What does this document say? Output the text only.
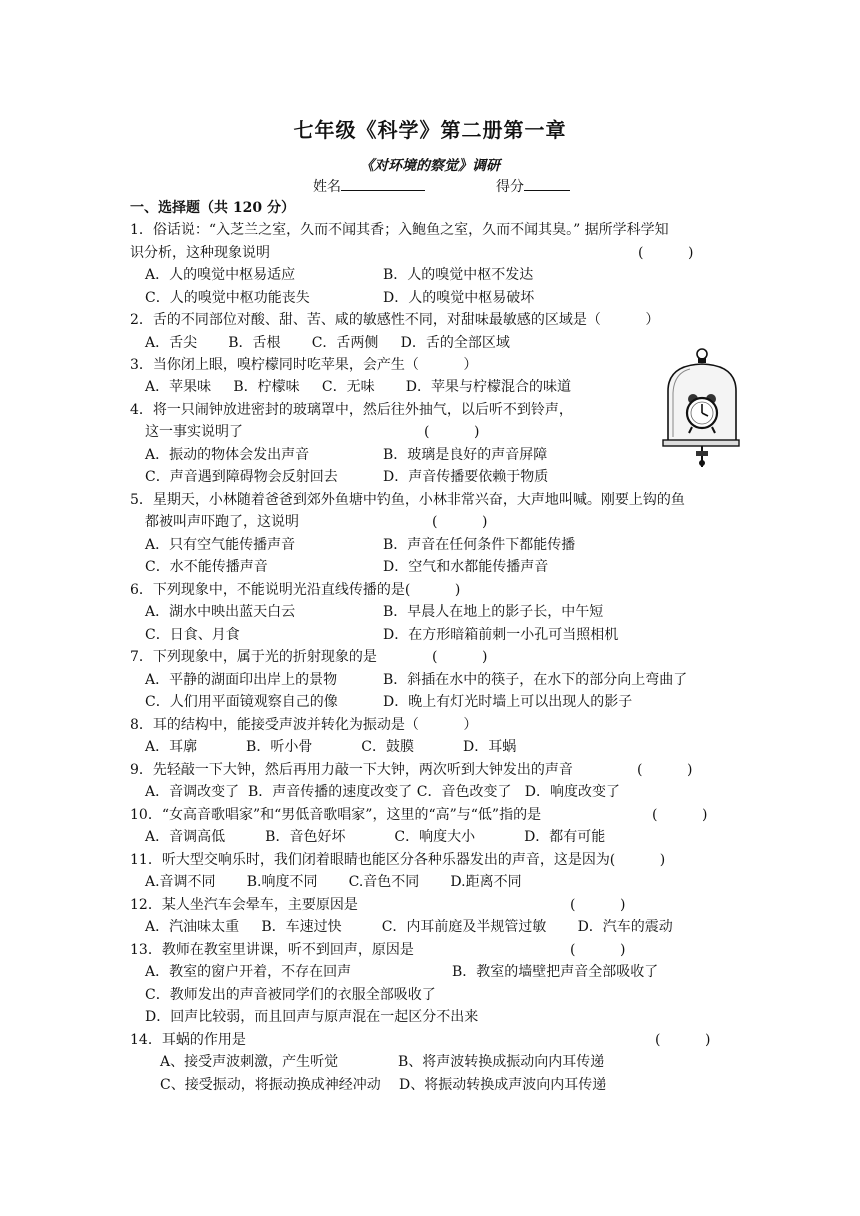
七年级《科学》第二册第一章
《对环境的察觉》调研
姓名	得分
一、选择题（共 120 分）
1．俗话说：“入芝兰之室，久而不闻其香；入鲍鱼之室，久而不闻其臭。” 据所学科学知
识分析，这种现象说明	(          )
A．人的嗅觉中枢易适应	B．人的嗅觉中枢不发达
C．人的嗅觉中枢功能丧失	D．人的嗅觉中枢易破坏
2．舌的不同部位对酸、甜、苦、咸的敏感性不同，对甜味最敏感的区域是（          ）
A．舌尖       B．舌根       C．舌两侧     D．舌的全部区域
3．当你闭上眼，嗅柠檬同时吃苹果，会产生（          ）
A．苹果味     B．柠檬味     C．无味       D．苹果与柠檬混合的味道
4．将一只闹钟放进密封的玻璃罩中，然后往外抽气，以后听不到铃声，
这一事实说明了	(          )
A．振动的物体会发出声音	B．玻璃是良好的声音屏障
C．声音遇到障碍物会反射回去	D．声音传播要依赖于物质
5．星期天，小林随着爸爸到郊外鱼塘中钓鱼，小林非常兴奋，大声地叫喊。刚要上钩的鱼
都被叫声吓跑了，这说明	(          )
A．只有空气能传播声音	B．声音在任何条件下都能传播
C．水不能传播声音	D．空气和水都能传播声音
6．下列现象中，不能说明光沿直线传播的是(          )
A．湖水中映出蓝天白云	B．早晨人在地上的影子长，中午短
C．日食、月食	D．在方形暗箱前刺一小孔可当照相机
7．下列现象中，属于光的折射现象的是	(          )
A．平静的湖面印出岸上的景物	B．斜插在水中的筷子，在水下的部分向上弯曲了
C．人们用平面镜观察自己的像	D．晚上有灯光时墙上可以出现人的影子
8．耳的结构中，能接受声波并转化为振动是（          ）
A．耳廓           B．听小骨           C．鼓膜           D．耳蜗
9．先轻敲一下大钟，然后再用力敲一下大钟，两次听到大钟发出的声音	(          )
A．音调改变了  B．声音传播的速度改变了 C．音色改变了   D．响度改变了
10．“女高音歌唱家”和“男低音歌唱家”，这里的“高”与“低”指的是	(          )
A．音调高低         B．音色好坏           C．响度大小           D．都有可能
11．听大型交响乐时，我们闭着眼睛也能区分各种乐器发出的声音，这是因为(          )
A.音调不同       B.响度不同       C.音色不同       D.距离不同
12．某人坐汽车会晕车，主要原因是	(          )
A．汽油味太重     B．车速过快         C．内耳前庭及半规管过敏       D．汽车的震动
13．教师在教室里讲课，听不到回声，原因是	(          )
A．教室的窗户开着，不存在回声	B．教室的墙壁把声音全部吸收了
C．教师发出的声音被同学们的衣服全部吸收了
D．回声比较弱，而且回声与原声混在一起区分不出来
14．耳蜗的作用是	(          )
A、接受声波刺激，产生听觉	B、将声波转换成振动向内耳传递
C、接受振动，将振动换成神经冲动 D、将振动转换成声波向内耳传递
